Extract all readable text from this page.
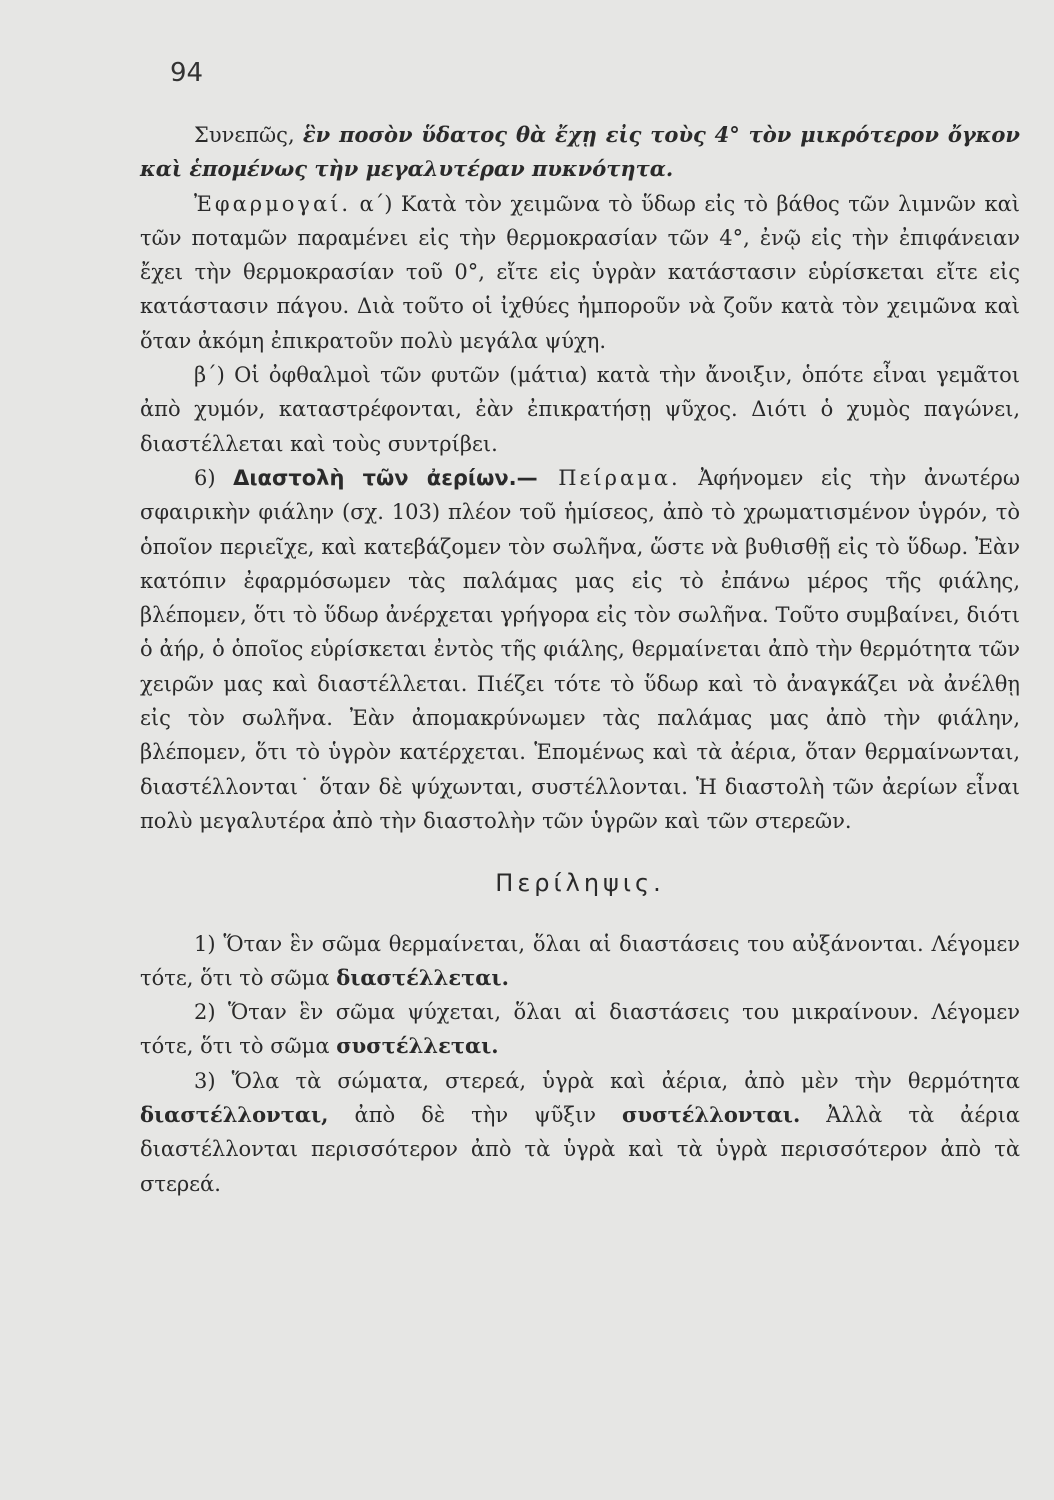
94

Συνεπῶς, ἓν ποσὸν ὕδατος θὰ ἔχῃ εἰς τοὺς 4° τὸν μικρότερον ὄγκον καὶ ἑπομένως τὴν μεγαλυτέραν πυκνότητα.

Ἐφαρμογαί. α΄) Κατὰ τὸν χειμῶνα τὸ ὕδωρ εἰς τὸ βάθος τῶν λιμνῶν καὶ τῶν ποταμῶν παραμένει εἰς τὴν θερμοκρασίαν τῶν 4°, ἐνῷ εἰς τὴν ἐπιφάνειαν ἔχει τὴν θερμοκρασίαν τοῦ 0°, εἴτε εἰς ὑγρὰν κατάστασιν εὑρίσκεται εἴτε εἰς κατάστασιν πάγου. Διὰ τοῦτο οἱ ἰχθύες ἠμποροῦν νὰ ζοῦν κατὰ τὸν χειμῶνα καὶ ὅταν ἀκόμη ἐπικρατοῦν πολὺ μεγάλα ψύχη.

β΄) Οἱ ὀφθαλμοὶ τῶν φυτῶν (μάτια) κατὰ τὴν ἄνοιξιν, ὁπότε εἶναι γεμᾶτοι ἀπὸ χυμόν, καταστρέφονται, ἐὰν ἐπικρατήσῃ ψῦχος. Διότι ὁ χυμὸς παγώνει, διαστέλλεται καὶ τοὺς συντρίβει.

6) Διαστολὴ τῶν ἀερίων.— Πείραμα. Ἀφήνομεν εἰς τὴν ἀνωτέρω σφαιρικὴν φιάλην (σχ. 103) πλέον τοῦ ἡμίσεος, ἀπὸ τὸ χρωματισμένον ὑγρόν, τὸ ὁποῖον περιεῖχε, καὶ κατεβάζομεν τὸν σωλῆνα, ὥστε νὰ βυθισθῇ εἰς τὸ ὕδωρ. Ἐὰν κατόπιν ἐφαρμόσωμεν τὰς παλάμας μας εἰς τὸ ἐπάνω μέρος τῆς φιάλης, βλέπομεν, ὅτι τὸ ὕδωρ ἀνέρχεται γρήγορα εἰς τὸν σωλῆνα. Τοῦτο συμβαίνει, διότι ὁ ἀήρ, ὁ ὁποῖος εὑρίσκεται ἐντὸς τῆς φιάλης, θερμαίνεται ἀπὸ τὴν θερμότητα τῶν χειρῶν μας καὶ διαστέλλεται. Πιέζει τότε τὸ ὕδωρ καὶ τὸ ἀναγκάζει νὰ ἀνέλθῃ εἰς τὸν σωλῆνα. Ἐὰν ἀπομακρύνωμεν τὰς παλάμας μας ἀπὸ τὴν φιάλην, βλέπομεν, ὅτι τὸ ὑγρὸν κατέρχεται. Ἑπομένως καὶ τὰ ἀέρια, ὅταν θερμαίνωνται, διαστέλλονται˙ ὅταν δὲ ψύχωνται, συστέλλονται. Ἡ διαστολὴ τῶν ἀερίων εἶναι πολὺ μεγαλυτέρα ἀπὸ τὴν διαστολὴν τῶν ὑγρῶν καὶ τῶν στερεῶν.

Περίληψις.

1) Ὅταν ἓν σῶμα θερμαίνεται, ὅλαι αἱ διαστάσεις του αὐξάνονται. Λέγομεν τότε, ὅτι τὸ σῶμα διαστέλλεται.

2) Ὅταν ἓν σῶμα ψύχεται, ὅλαι αἱ διαστάσεις του μικραίνουν. Λέγομεν τότε, ὅτι τὸ σῶμα συστέλλεται.

3) Ὅλα τὰ σώματα, στερεά, ὑγρὰ καὶ ἀέρια, ἀπὸ μὲν τὴν θερμότητα διαστέλλονται, ἀπὸ δὲ τὴν ψῦξιν συστέλλονται. Ἀλλὰ τὰ ἀέρια διαστέλλονται περισσότερον ἀπὸ τὰ ὑγρὰ καὶ τὰ ὑγρὰ περισσότερον ἀπὸ τὰ στερεά.
